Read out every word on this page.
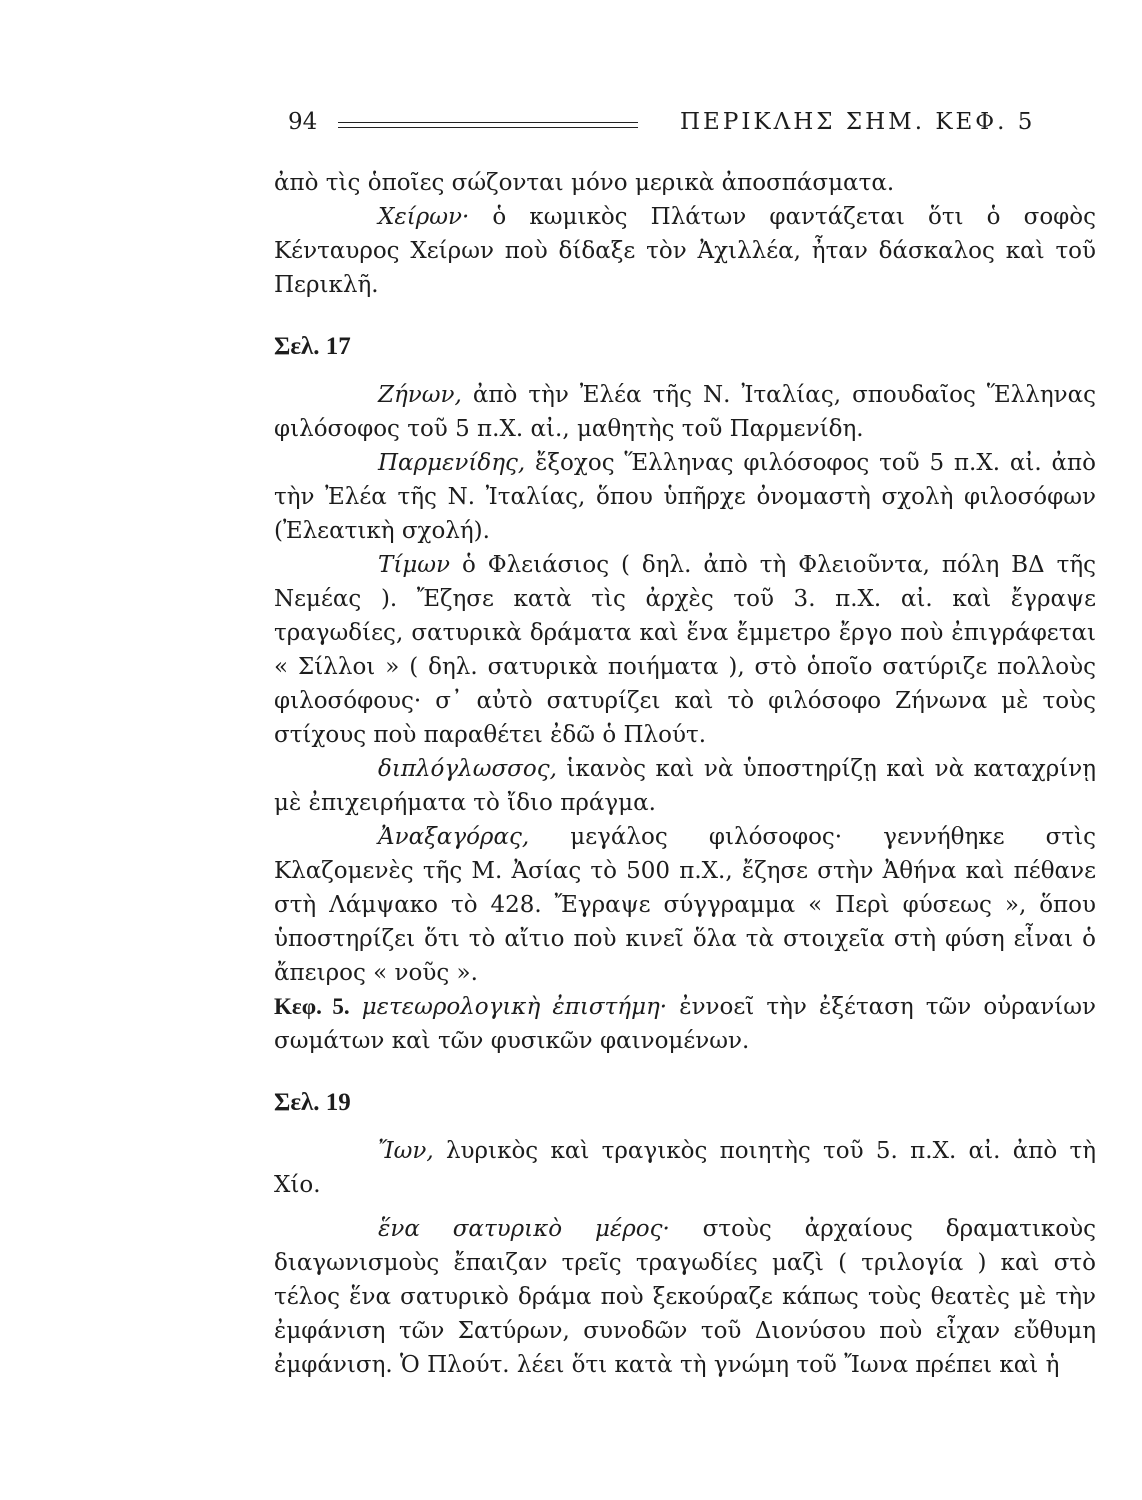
94	ΠΕΡΙΚΛΗΣ ΣΗΜ. ΚΕΦ. 5

ἀπὸ τὶς ὁποῖες σώζονται μόνο μερικὰ ἀποσπάσματα.

Χείρων· ὁ κωμικὸς Πλάτων φαντάζεται ὅτι ὁ σοφὸς Κένταυρος Χείρων ποὺ δίδαξε τὸν Ἀχιλλέα, ἦταν δάσκαλος καὶ τοῦ Περικλῆ.

Σελ. 17

Ζήνων, ἀπὸ τὴν Ἐλέα τῆς Ν. Ἰταλίας, σπουδαῖος Ἕλληνας φιλόσοφος τοῦ 5 π.Χ. αἰ., μαθητὴς τοῦ Παρμενίδη.

Παρμενίδης, ἔξοχος Ἕλληνας φιλόσοφος τοῦ 5 π.Χ. αἰ. ἀπὸ τὴν Ἐλέα τῆς Ν. Ἰταλίας, ὅπου ὑπῆρχε ὀνομαστὴ σχολὴ φιλοσόφων (Ἐλεατικὴ σχολή).

Τίμων ὁ Φλειάσιος ( δηλ. ἀπὸ τὴ Φλειοῦντα, πόλη ΒΔ τῆς Νεμέας ). Ἔζησε κατὰ τὶς ἀρχὲς τοῦ 3. π.Χ. αἰ. καὶ ἔγραψε τραγωδίες, σατυρικὰ δράματα καὶ ἕνα ἔμμετρο ἔργο ποὺ ἐπιγράφεται « Σίλλοι » ( δηλ. σατυρικὰ ποιήματα ), στὸ ὁποῖο σατύριζε πολλοὺς φιλοσόφους· σ᾽ αὐτὸ σατυρίζει καὶ τὸ φιλόσοφο Ζήνωνα μὲ τοὺς στίχους ποὺ παραθέτει ἐδῶ ὁ Πλούτ.

διπλόγλωσσος, ἱκανὸς καὶ νὰ ὑποστηρίζῃ καὶ νὰ καταχρίνῃ μὲ ἐπιχειρήματα τὸ ἴδιο πράγμα.

Ἀναξαγόρας, μεγάλος φιλόσοφος· γεννήθηκε στὶς Κλαζομενὲς τῆς Μ. Ἀσίας τὸ 500 π.Χ., ἔζησε στὴν Ἀθήνα καὶ πέθανε στὴ Λάμψακο τὸ 428. Ἔγραψε σύγγραμμα « Περὶ φύσεως », ὅπου ὑποστηρίζει ὅτι τὸ αἴτιο ποὺ κινεῖ ὅλα τὰ στοιχεῖα στὴ φύση εἶναι ὁ ἄπειρος « νοῦς ».

Κεφ. 5. μετεωρολογικὴ ἐπιστήμη· ἐννοεῖ τὴν ἐξέταση τῶν οὐρανίων σωμάτων καὶ τῶν φυσικῶν φαινομένων.

Σελ. 19

Ἴων, λυρικὸς καὶ τραγικὸς ποιητὴς τοῦ 5. π.Χ. αἰ. ἀπὸ τὴ Χίο.

ἕνα σατυρικὸ μέρος· στοὺς ἀρχαίους δραματικοὺς διαγωνισμοὺς ἔπαιζαν τρεῖς τραγωδίες μαζὶ ( τριλογία ) καὶ στὸ τέλος ἕνα σατυρικὸ δράμα ποὺ ξεκούραζε κάπως τοὺς θεατὲς μὲ τὴν ἐμφάνιση τῶν Σατύρων, συνοδῶν τοῦ Διονύσου ποὺ εἶχαν εὔθυμη ἐμφάνιση. Ὁ Πλούτ. λέει ὅτι κατὰ τὴ γνώμη τοῦ Ἴωνα πρέπει καὶ ἡ
